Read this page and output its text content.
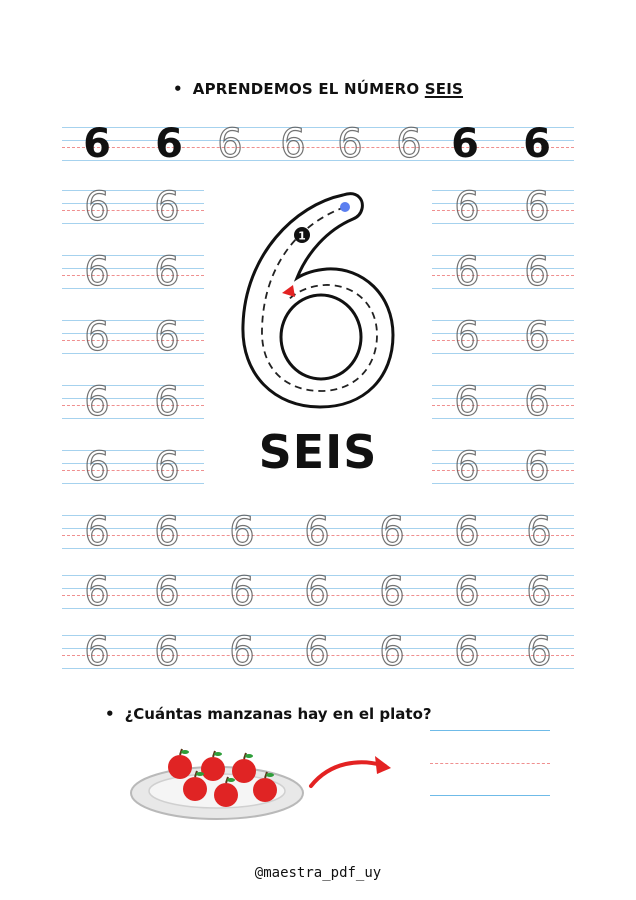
• APRENDEMOS EL NÚMERO SEIS
6 6 6 6 6 6 6 6
6	6
6	6
6	6
6	6
6	6
6	6
6	6
6	6
6	6
6	6
1
SEIS
6	6	6	6	6	6	6
6	6	6	6	6	6	6
6	6	6	6	6	6	6
• ¿Cuántas manzanas hay en el plato?
@maestra_pdf_uy
